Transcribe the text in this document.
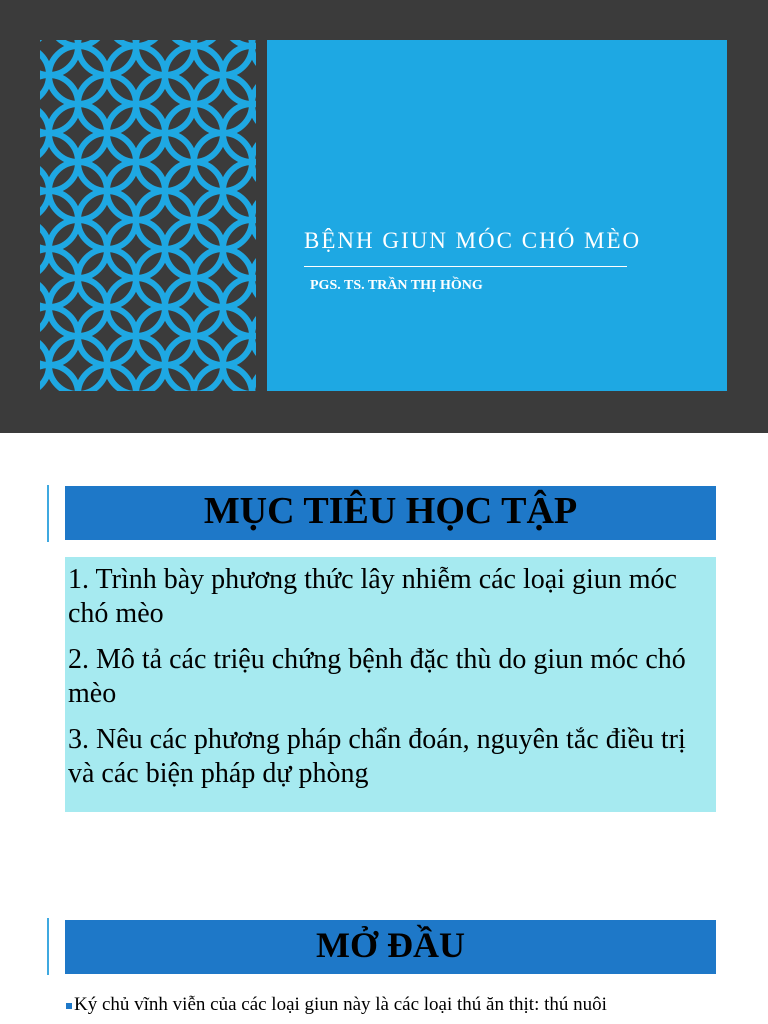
BỆNH GIUN MÓC CHÓ MÈO
PGS. TS. TRẦN THỊ HỒNG
MỤC TIÊU HỌC TẬP

1. Trình bày phương thức lây nhiễm các loại giun móc chó mèo

2. Mô tả các triệu chứng bệnh đặc thù do giun móc chó mèo

3. Nêu các phương pháp chẩn đoán, nguyên tắc điều trị và các biện pháp dự phòng

MỞ ĐẦU

Ký chủ vĩnh viễn của các loại giun này là các loại thú ăn thịt: thú nuôi
